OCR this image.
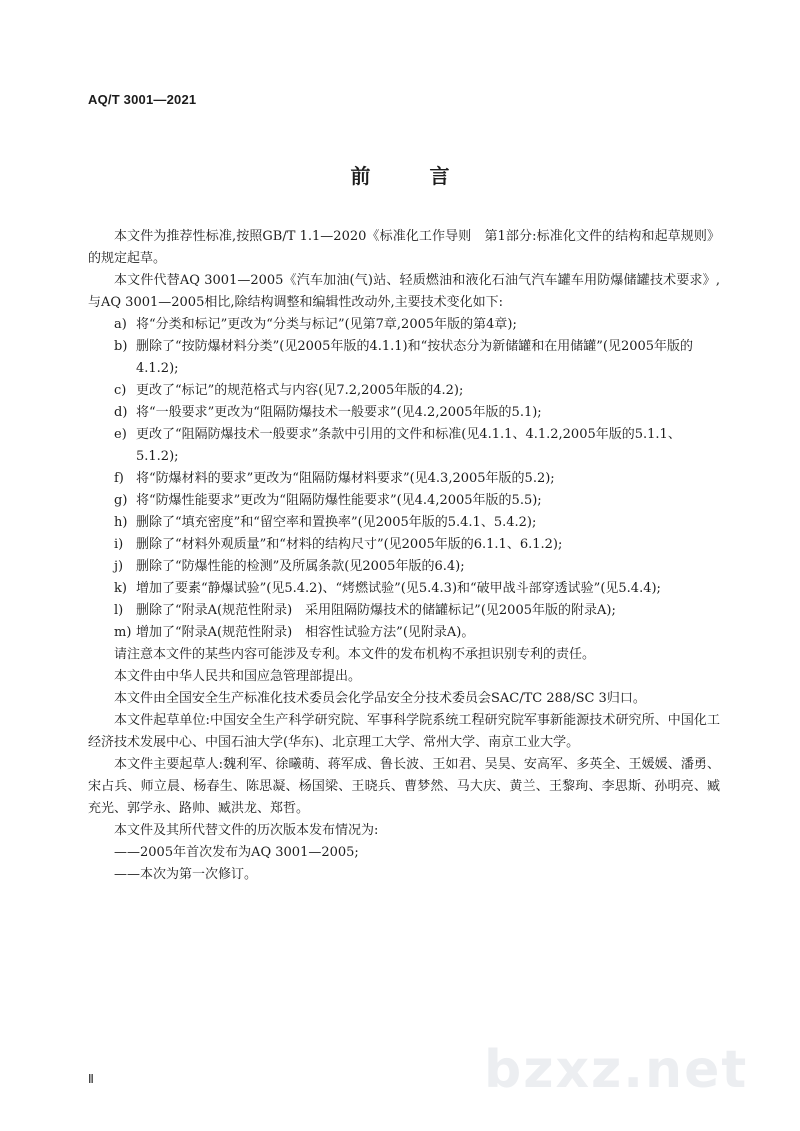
AQ/T 3001—2021
前 言

本文件为推荐性标准,按照GB/T 1.1—2020《标准化工作导则　第1部分:标准化文件的结构和起草规则》的规定起草。

本文件代替AQ 3001—2005《汽车加油(气)站、轻质燃油和液化石油气汽车罐车用防爆储罐技术要求》,与AQ 3001—2005相比,除结构调整和编辑性改动外,主要技术变化如下:

a) 将“分类和标记”更改为“分类与标记”(见第7章,2005年版的第4章);

b) 删除了“按防爆材料分类”(见2005年版的4.1.1)和“按状态分为新储罐和在用储罐”(见2005年版的4.1.2);

c) 更改了“标记”的规范格式与内容(见7.2,2005年版的4.2);

d) 将“一般要求”更改为“阻隔防爆技术一般要求”(见4.2,2005年版的5.1);

e) 更改了“阻隔防爆技术一般要求”条款中引用的文件和标准(见4.1.1、4.1.2,2005年版的5.1.1、5.1.2);

f) 将“防爆材料的要求”更改为“阻隔防爆材料要求”(见4.3,2005年版的5.2);

g) 将“防爆性能要求”更改为“阻隔防爆性能要求”(见4.4,2005年版的5.5);

h) 删除了“填充密度”和“留空率和置换率”(见2005年版的5.4.1、5.4.2);

i) 删除了“材料外观质量”和“材料的结构尺寸”(见2005年版的6.1.1、6.1.2);

j) 删除了“防爆性能的检测”及所属条款(见2005年版的6.4);

k) 增加了要素“静爆试验”(见5.4.2)、“烤燃试验”(见5.4.3)和“破甲战斗部穿透试验”(见5.4.4);

l) 删除了“附录A(规范性附录)　采用阻隔防爆技术的储罐标记”(见2005年版的附录A);

m) 增加了“附录A(规范性附录)　相容性试验方法”(见附录A)。

请注意本文件的某些内容可能涉及专利。本文件的发布机构不承担识别专利的责任。

本文件由中华人民共和国应急管理部提出。

本文件由全国安全生产标准化技术委员会化学品安全分技术委员会SAC/TC 288/SC 3归口。

本文件起草单位:中国安全生产科学研究院、军事科学院系统工程研究院军事新能源技术研究所、中国化工经济技术发展中心、中国石油大学(华东)、北京理工大学、常州大学、南京工业大学。

本文件主要起草人:魏利军、徐曦萌、蒋军成、鲁长波、王如君、吴昊、安高军、多英全、王媛媛、潘勇、宋占兵、师立晨、杨春生、陈思凝、杨国梁、王晓兵、曹梦然、马大庆、黄兰、王黎珣、李思斯、孙明亮、臧充光、郭学永、路帅、臧洪龙、郑哲。

本文件及其所代替文件的历次版本发布情况为:

——2005年首次发布为AQ 3001—2005;

——本次为第一次修订。

Ⅱ	bzxz.net
